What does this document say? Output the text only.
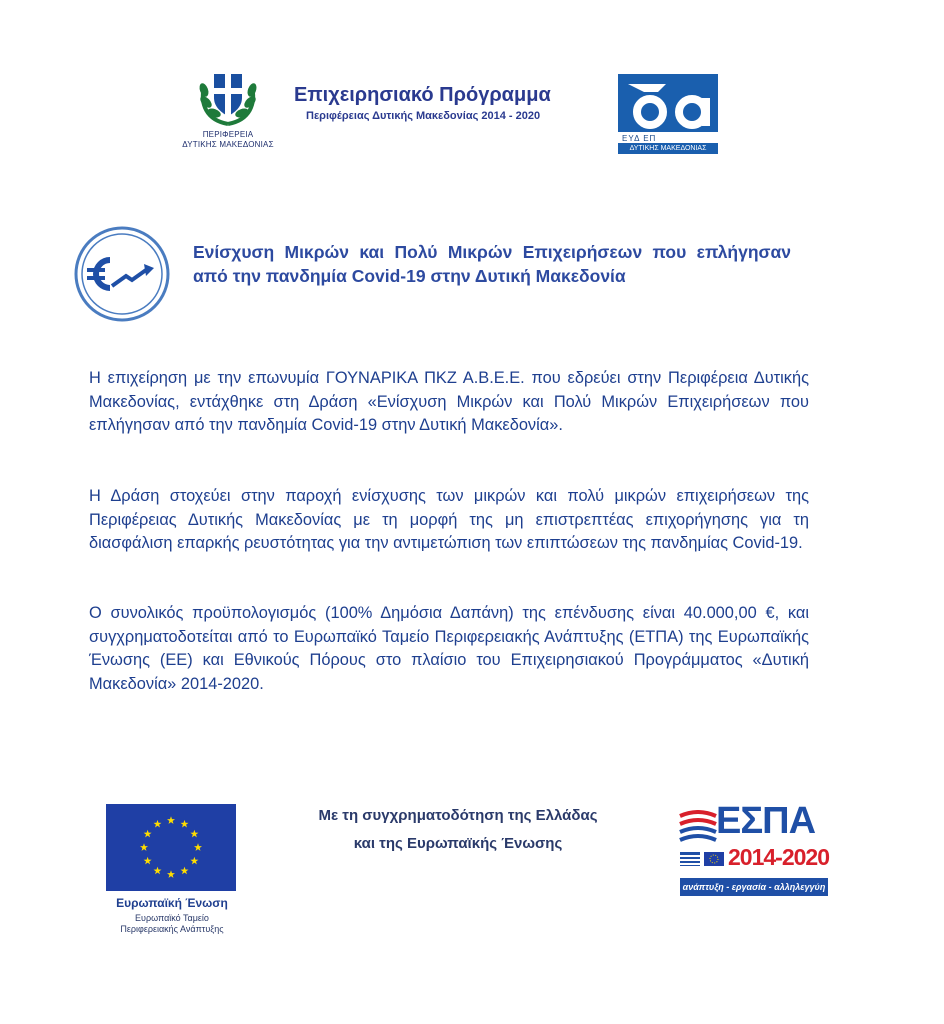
ΠΕΡΙΦΕΡΕΙΑ
ΔΥΤΙΚΗΣ ΜΑΚΕΔΟΝΙΑΣ
Επιχειρησιακό Πρόγραμμα
Περιφέρειας Δυτικής Μακεδονίας 2014 - 2020
ΕΥΔ ΕΠ
ΔΥΤΙΚΗΣ ΜΑΚΕΔΟΝΙΑΣ
Ενίσχυση Μικρών και Πολύ Μικρών Επιχειρήσεων που επλήγησαν από την πανδημία Covid-19 στην Δυτική Μακεδονία
Η επιχείρηση με την επωνυμία ΓΟΥΝΑΡΙΚΑ ΠΚΖ Α.Β.Ε.Ε. που εδρεύει στην Περιφέρεια Δυτικής Μακεδονίας, εντάχθηκε στη Δράση «Ενίσχυση Μικρών και Πολύ Μικρών Επιχειρήσεων που επλήγησαν από την πανδημία Covid-19 στην Δυτική Μακεδονία».
Η Δράση στοχεύει στην παροχή ενίσχυσης των μικρών και πολύ μικρών επιχειρήσεων της Περιφέρειας Δυτικής Μακεδονίας με τη μορφή της μη επιστρεπτέας επιχορήγησης για τη διασφάλιση επαρκής ρευστότητας για την αντιμετώπιση των επιπτώσεων της πανδημίας Covid-19.
Ο συνολικός προϋπολογισμός (100% Δημόσια Δαπάνη) της επένδυσης είναι 40.000,00 €, και συγχρηματοδοτείται από το Ευρωπαϊκό Ταμείο Περιφερειακής Ανάπτυξης (ΕΤΠΑ) της Ευρωπαϊκής Ένωσης (ΕΕ) και Εθνικούς Πόρους στο πλαίσιο του Επιχειρησιακού Προγράμματος «Δυτική Μακεδονία» 2014-2020.
Ευρωπαϊκή Ένωση
Ευρωπαϊκό Ταμείο
Περιφερειακής Ανάπτυξης
Με τη συγχρηματοδότηση της Ελλάδας
και της Ευρωπαϊκής Ένωσης
ΕΣΠΑ
2014-2020
ανάπτυξη - εργασία - αλληλεγγύη
